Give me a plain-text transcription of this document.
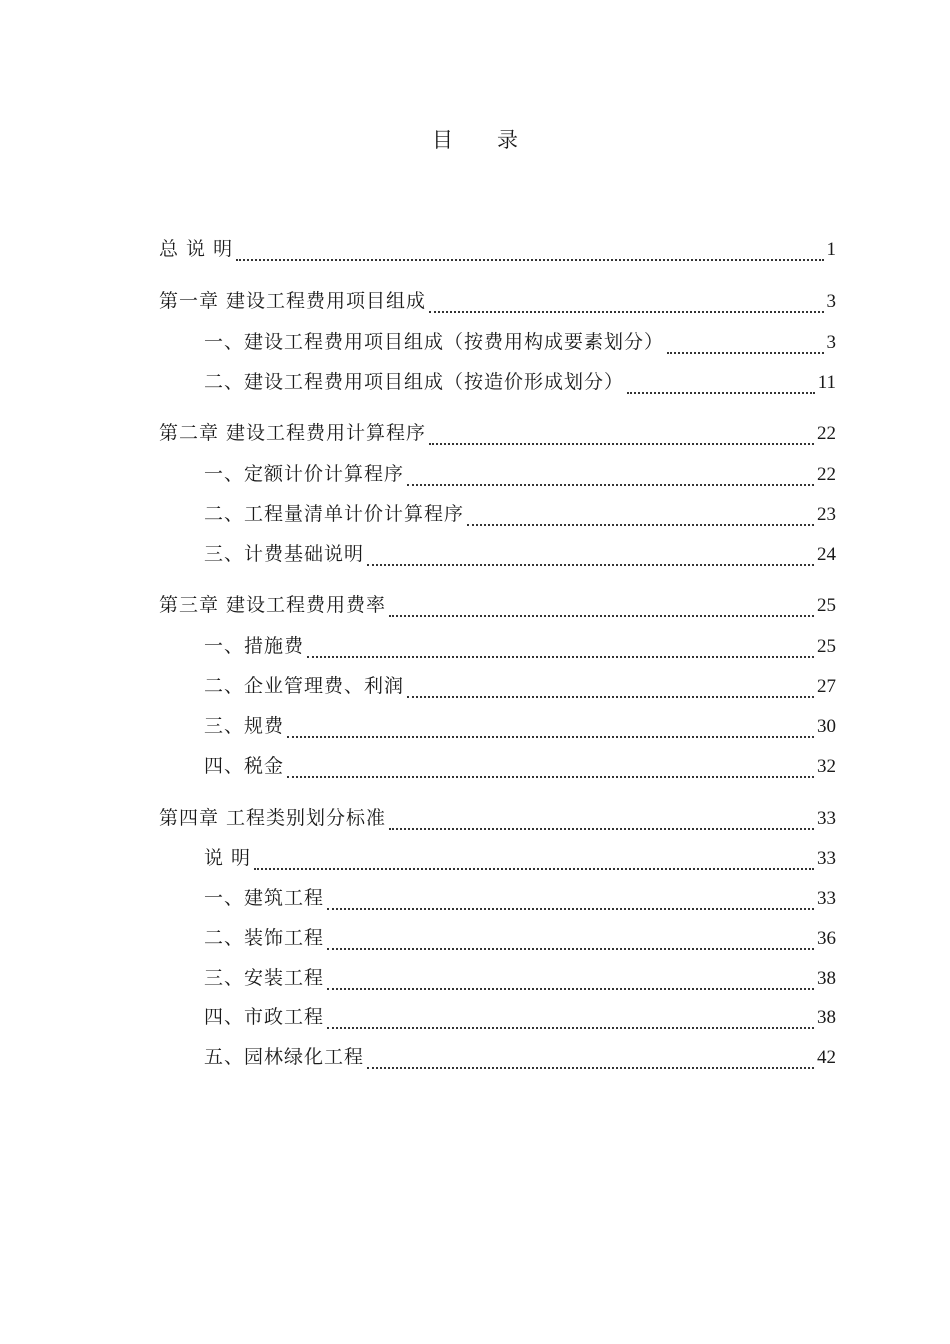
目录
总 说 明	1
第一章 建设工程费用项目组成	3
一、建设工程费用项目组成（按费用构成要素划分）	3
二、建设工程费用项目组成（按造价形成划分）	11
第二章 建设工程费用计算程序	22
一、定额计价计算程序	22
二、工程量清单计价计算程序	23
三、计费基础说明	24
第三章 建设工程费用费率	25
一、措施费	25
二、企业管理费、利润	27
三、规费	30
四、税金	32
第四章 工程类别划分标准	33
说 明	33
一、建筑工程	33
二、装饰工程	36
三、安装工程	38
四、市政工程	38
五、园林绿化工程	42
